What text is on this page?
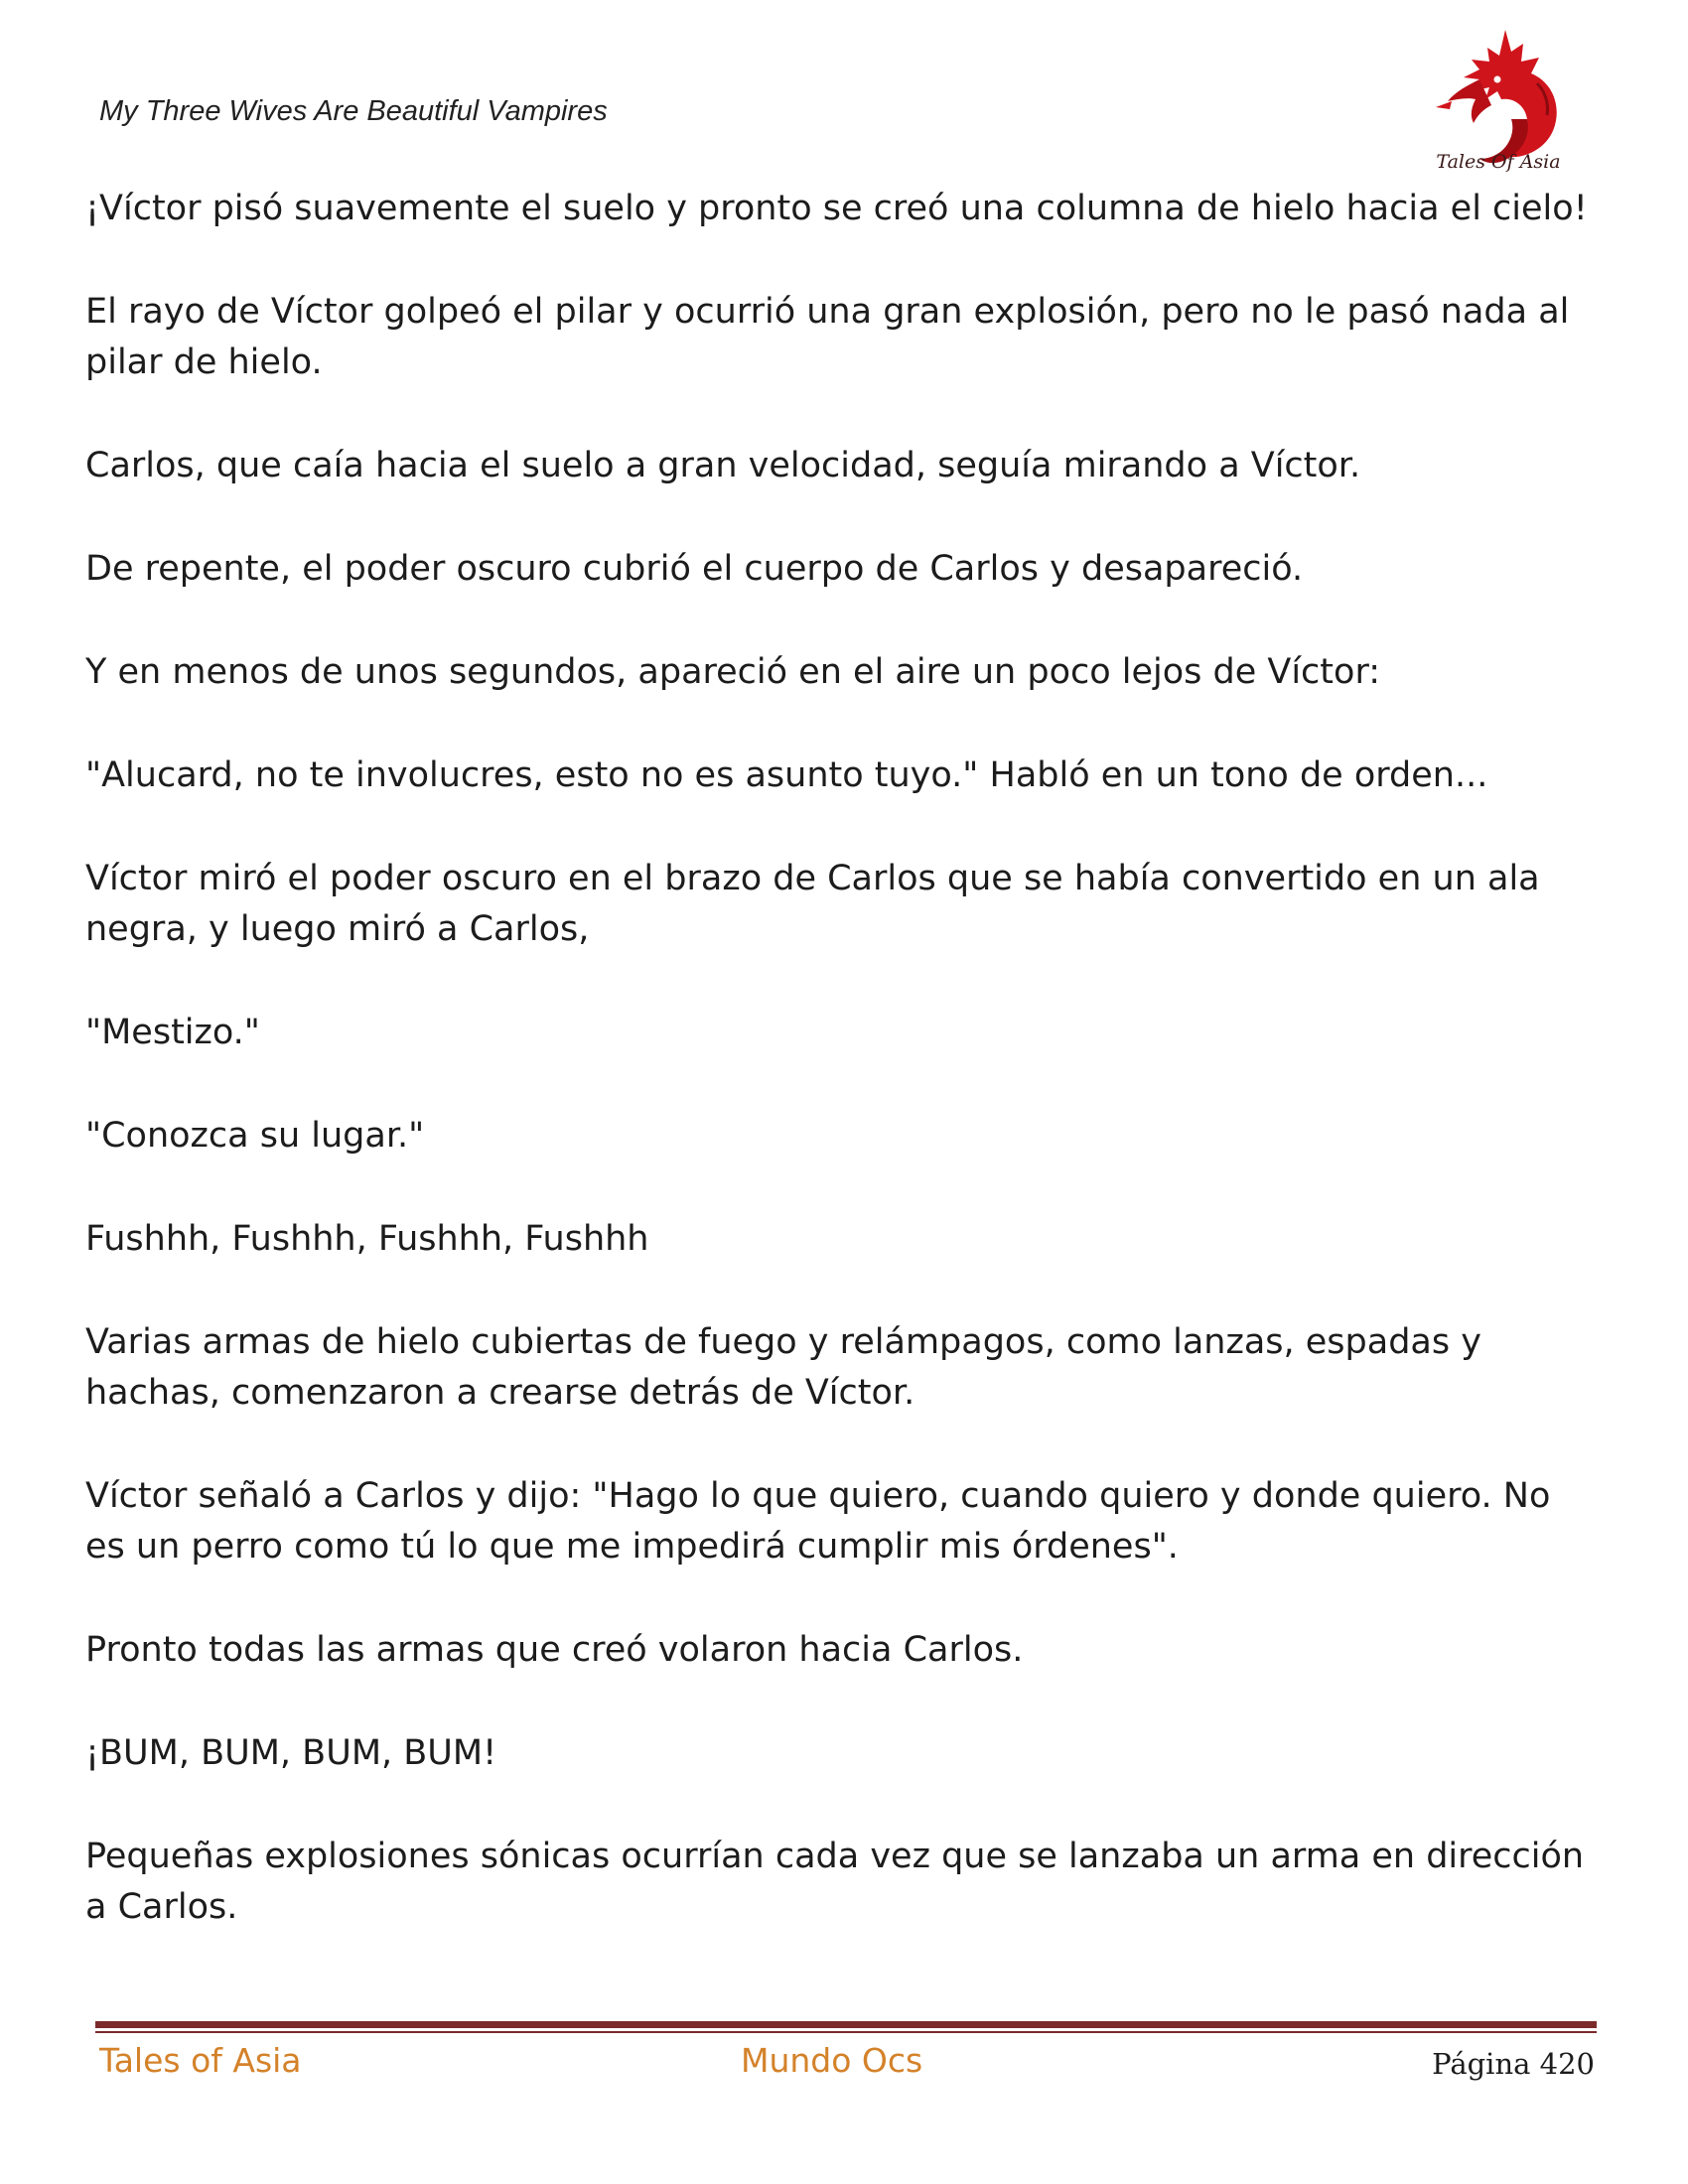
My Three Wives Are Beautiful Vampires
Tales Of Asia

¡Víctor pisó suavemente el suelo y pronto se creó una columna de hielo hacia el cielo!

El rayo de Víctor golpeó el pilar y ocurrió una gran explosión, pero no le pasó nada al pilar de hielo.

Carlos, que caía hacia el suelo a gran velocidad, seguía mirando a Víctor.

De repente, el poder oscuro cubrió el cuerpo de Carlos y desapareció.

Y en menos de unos segundos, apareció en el aire un poco lejos de Víctor:

"Alucard, no te involucres, esto no es asunto tuyo." Habló en un tono de orden...

Víctor miró el poder oscuro en el brazo de Carlos que se había convertido en un ala negra, y luego miró a Carlos,

"Mestizo."

"Conozca su lugar."

Fushhh, Fushhh, Fushhh, Fushhh

Varias armas de hielo cubiertas de fuego y relámpagos, como lanzas, espadas y hachas, comenzaron a crearse detrás de Víctor.

Víctor señaló a Carlos y dijo: "Hago lo que quiero, cuando quiero y donde quiero. No es un perro como tú lo que me impedirá cumplir mis órdenes".

Pronto todas las armas que creó volaron hacia Carlos.

¡BUM, BUM, BUM, BUM!

Pequeñas explosiones sónicas ocurrían cada vez que se lanzaba un arma en dirección a Carlos.

Tales of Asia	Mundo Ocs	Página 420
